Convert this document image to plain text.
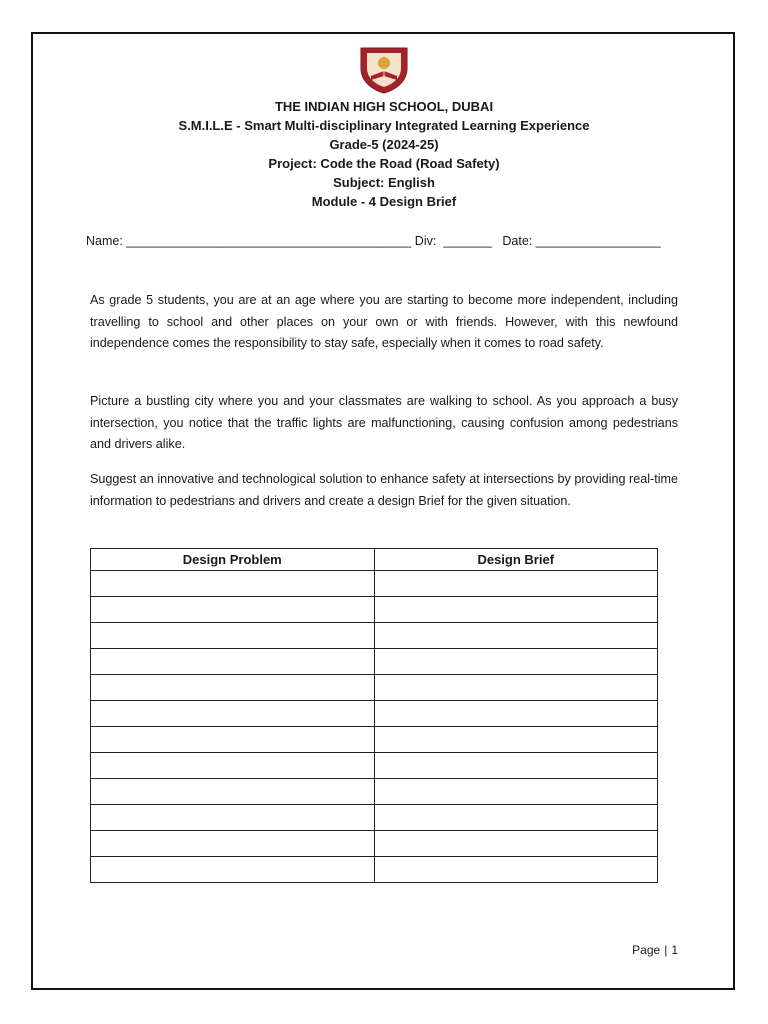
THE INDIAN HIGH SCHOOL, DUBAI
S.M.I.L.E - Smart Multi-disciplinary Integrated Learning Experience
Grade-5 (2024-25)
Project: Code the Road (Road Safety)
Subject: English
Module - 4 Design Brief
Name: _________________________________________ Div:  _______   Date: __________________

As grade 5 students, you are at an age where you are starting to become more independent, including travelling to school and other places on your own or with friends. However, with this newfound independence comes the responsibility to stay safe, especially when it comes to road safety.

Picture a bustling city where you and your classmates are walking to school. As you approach a busy intersection, you notice that the traffic lights are malfunctioning, causing confusion among pedestrians and drivers alike.

Suggest an innovative and technological solution to enhance safety at intersections by providing real-time information to pedestrians and drivers and create a design Brief for the given situation.

Design Problem	Design Brief

Page | 1
